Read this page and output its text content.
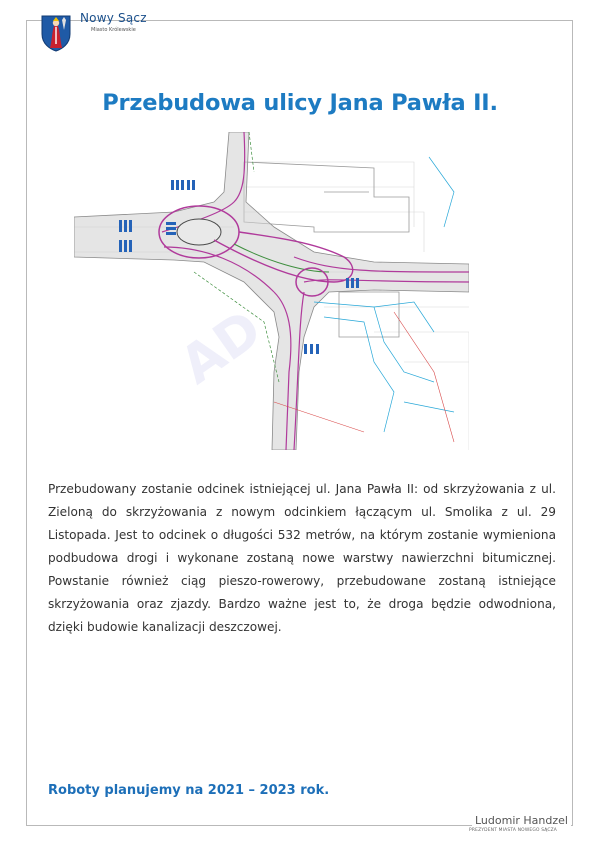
Nowy Sącz
Miasto Królewskie
Przebudowa ulicy Jana Pawła II.
AD
Przebudowany zostanie odcinek istniejącej ul. Jana Pawła II: od skrzyżowania z ul. Zieloną do skrzyżowania z nowym odcinkiem łączącym ul. Smolika z ul. 29 Listopada. Jest to odcinek o długości 532 metrów, na którym zostanie wymieniona podbudowa drogi i wykonane zostaną nowe warstwy nawierzchni bitumicznej. Powstanie również ciąg pieszo-rowerowy, przebudowane zostaną istniejące skrzyżowania oraz zjazdy. Bardzo ważne jest to, że droga będzie odwodniona, dzięki budowie kanalizacji deszczowej.
Roboty planujemy na 2021 – 2023 rok.
Ludomir Handzel
PREZYDENT MIASTA NOWEGO SĄCZA
